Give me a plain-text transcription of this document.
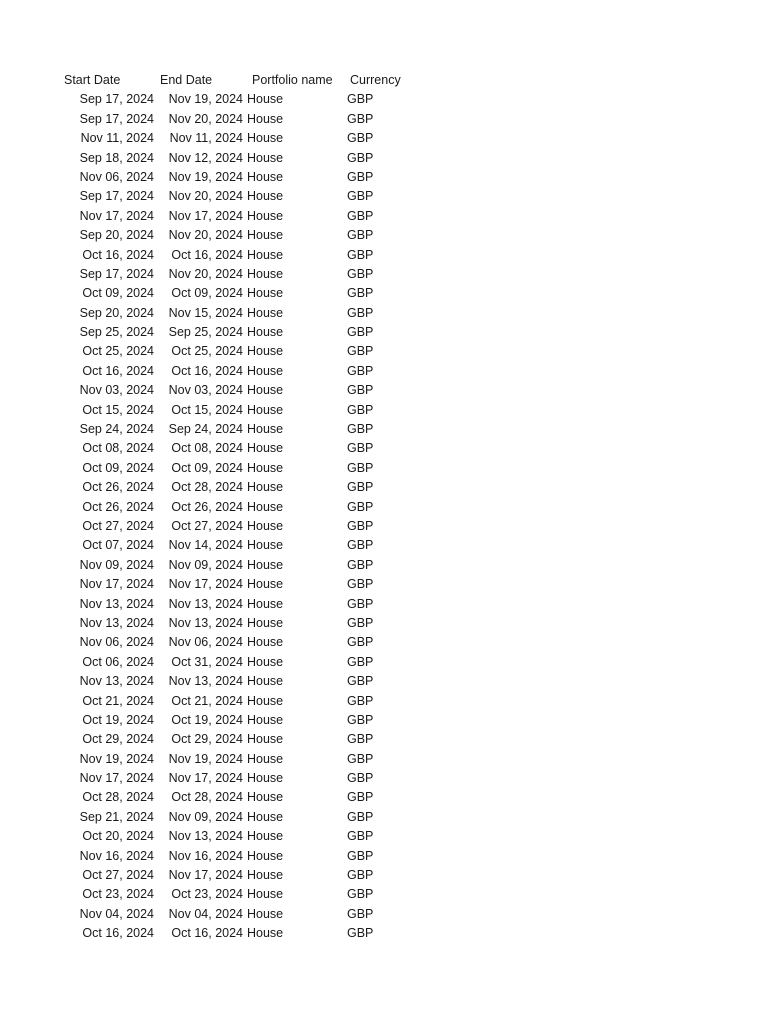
Start Date	End Date	Portfolio name	Currency
Sep 17, 2024	Nov 19, 2024 House	GBP
Sep 17, 2024	Nov 20, 2024 House	GBP
Nov 11, 2024	Nov 11, 2024 House	GBP
Sep 18, 2024	Nov 12, 2024 House	GBP
Nov 06, 2024	Nov 19, 2024 House	GBP
Sep 17, 2024	Nov 20, 2024 House	GBP
Nov 17, 2024	Nov 17, 2024 House	GBP
Sep 20, 2024	Nov 20, 2024 House	GBP
Oct 16, 2024	Oct 16, 2024 House	GBP
Sep 17, 2024	Nov 20, 2024 House	GBP
Oct 09, 2024	Oct 09, 2024 House	GBP
Sep 20, 2024	Nov 15, 2024 House	GBP
Sep 25, 2024	Sep 25, 2024 House	GBP
Oct 25, 2024	Oct 25, 2024 House	GBP
Oct 16, 2024	Oct 16, 2024 House	GBP
Nov 03, 2024	Nov 03, 2024 House	GBP
Oct 15, 2024	Oct 15, 2024 House	GBP
Sep 24, 2024	Sep 24, 2024 House	GBP
Oct 08, 2024	Oct 08, 2024 House	GBP
Oct 09, 2024	Oct 09, 2024 House	GBP
Oct 26, 2024	Oct 28, 2024 House	GBP
Oct 26, 2024	Oct 26, 2024 House	GBP
Oct 27, 2024	Oct 27, 2024 House	GBP
Oct 07, 2024	Nov 14, 2024 House	GBP
Nov 09, 2024	Nov 09, 2024 House	GBP
Nov 17, 2024	Nov 17, 2024 House	GBP
Nov 13, 2024	Nov 13, 2024 House	GBP
Nov 13, 2024	Nov 13, 2024 House	GBP
Nov 06, 2024	Nov 06, 2024 House	GBP
Oct 06, 2024	Oct 31, 2024 House	GBP
Nov 13, 2024	Nov 13, 2024 House	GBP
Oct 21, 2024	Oct 21, 2024 House	GBP
Oct 19, 2024	Oct 19, 2024 House	GBP
Oct 29, 2024	Oct 29, 2024 House	GBP
Nov 19, 2024	Nov 19, 2024 House	GBP
Nov 17, 2024	Nov 17, 2024 House	GBP
Oct 28, 2024	Oct 28, 2024 House	GBP
Sep 21, 2024	Nov 09, 2024 House	GBP
Oct 20, 2024	Nov 13, 2024 House	GBP
Nov 16, 2024	Nov 16, 2024 House	GBP
Oct 27, 2024	Nov 17, 2024 House	GBP
Oct 23, 2024	Oct 23, 2024 House	GBP
Nov 04, 2024	Nov 04, 2024 House	GBP
Oct 16, 2024	Oct 16, 2024 House	GBP
